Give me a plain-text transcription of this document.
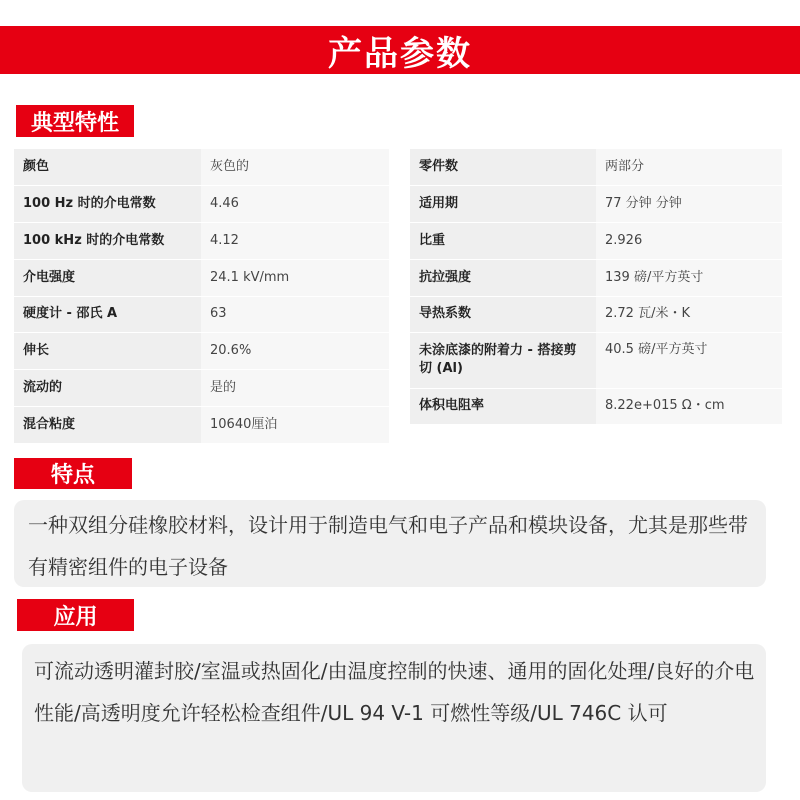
产品参数
典型特性
颜色	灰色的
100 Hz 时的介电常数	4.46
100 kHz 时的介电常数	4.12
介电强度	24.1 kV/mm
硬度计 - 邵氏 A	63
伸长	20.6%
流动的	是的
混合粘度	10640厘泊
零件数	两部分
适用期	77 分钟 分钟
比重	2.926
抗拉强度	139 磅/平方英寸
导热系数	2.72 瓦/米・K
未涂底漆的附着力 - 搭接剪切 (Al)	40.5 磅/平方英寸
体积电阻率	8.22e+015 Ω・cm
特点
一种双组分硅橡胶材料，设计用于制造电气和电子产品和模块设备，尤其是那些带有精密组件的电子设备
应用
可流动透明灌封胶/室温或热固化/由温度控制的快速、通用的固化处理/良好的介电性能/高透明度允许轻松检查组件/UL 94 V-1 可燃性等级/UL 746C 认可
